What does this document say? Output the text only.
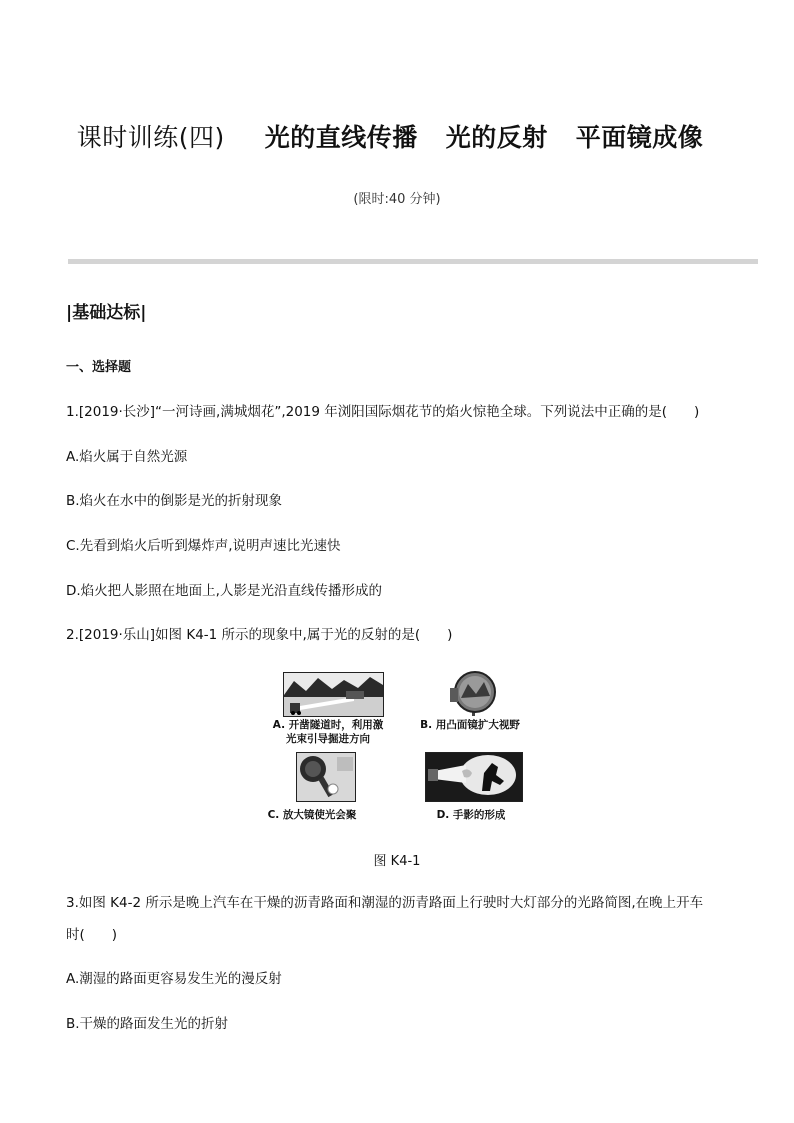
课时训练(四) 光的直线传播 光的反射 平面镜成像
(限时:40 分钟)
|基础达标|
一、选择题
1.[2019·长沙]“一河诗画,满城烟花”,2019 年浏阳国际烟花节的焰火惊艳全球。下列说法中正确的是(　　)
A.焰火属于自然光源
B.焰火在水中的倒影是光的折射现象
C.先看到焰火后听到爆炸声,说明声速比光速快
D.焰火把人影照在地面上,人影是光沿直线传播形成的
2.[2019·乐山]如图 K4-1 所示的现象中,属于光的反射的是(　　)
A. 开凿隧道时，利用激
光束引导掘进方向
B. 用凸面镜扩大视野
C. 放大镜使光会聚	D. 手影的形成
图 K4-1
3.如图 K4-2 所示是晚上汽车在干燥的沥青路面和潮湿的沥青路面上行驶时大灯部分的光路简图,在晚上开车
时(　　)
A.潮湿的路面更容易发生光的漫反射
B.干燥的路面发生光的折射
